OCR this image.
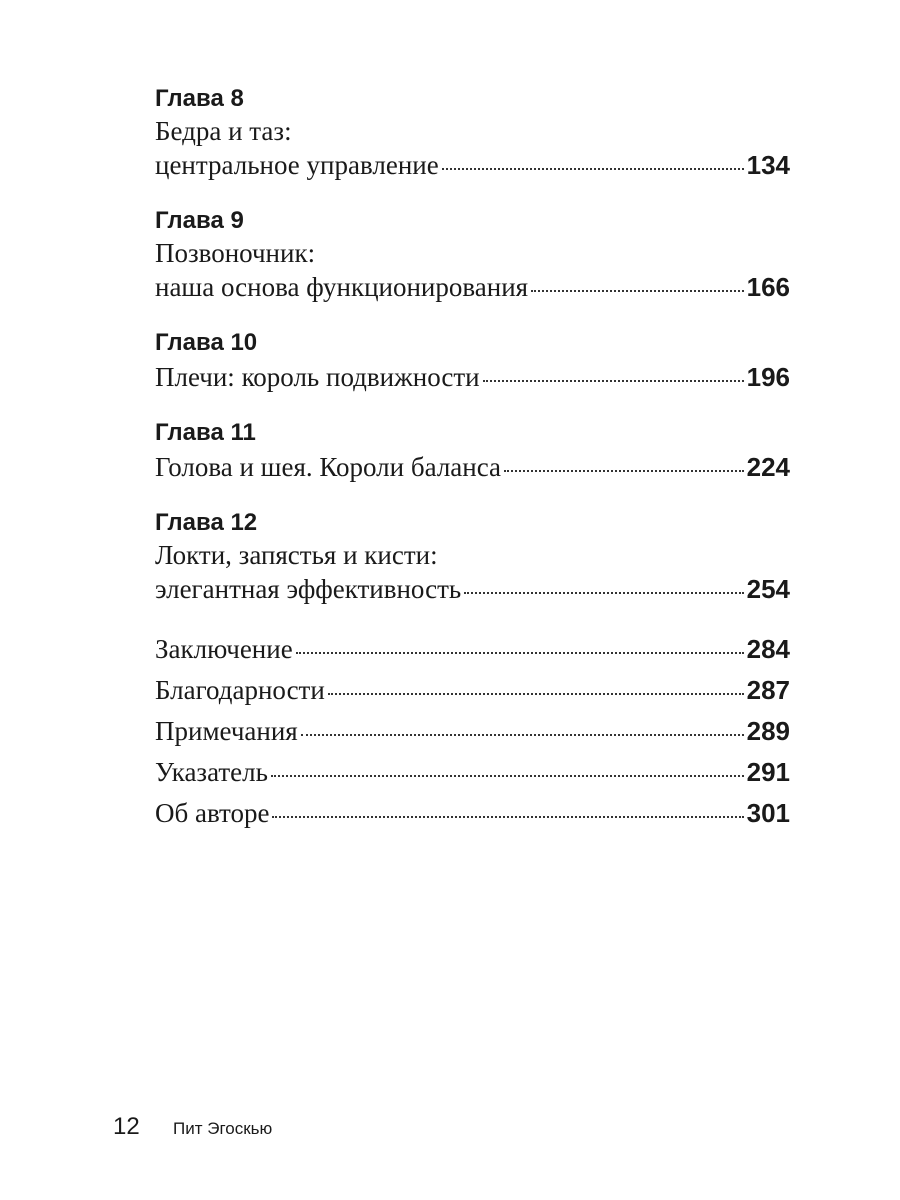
Глава 8
Бедра и таз:
центральное управление	134
Глава 9
Позвоночник:
наша основа функционирования	166
Глава 10
Плечи: король подвижности	196
Глава 11
Голова и шея. Короли баланса	224
Глава 12
Локти, запястья и кисти:
элегантная эффективность	254
Заключение	284
Благодарности	287
Примечания	289
Указатель	291
Об авторе	301
12	Пит Эгоскью
